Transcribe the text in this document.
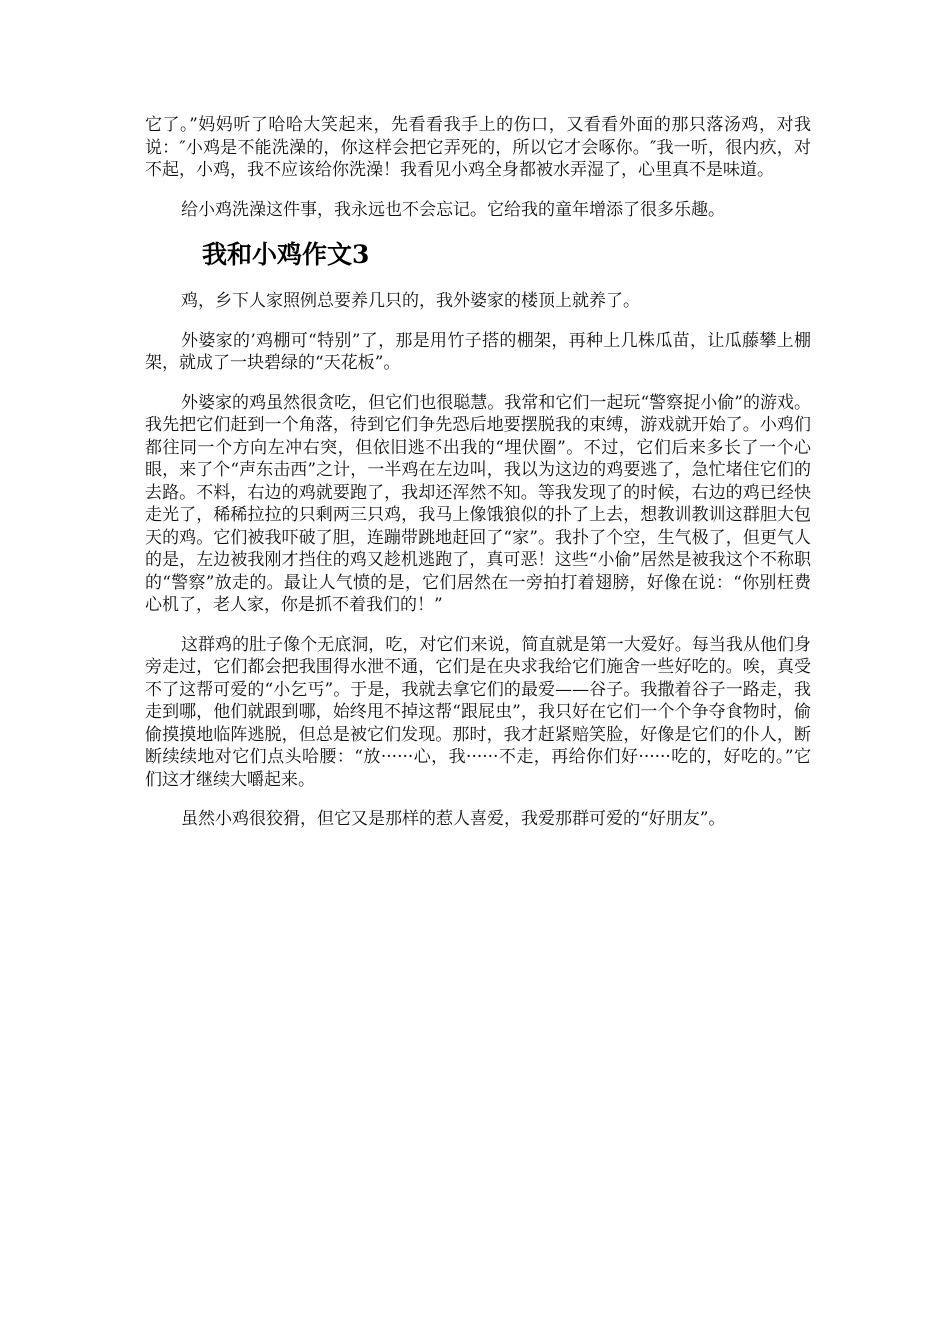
它了。”妈妈听了哈哈大笑起来，先看看我手上的伤口，又看看外面的那只落汤鸡，对我说：″小鸡是不能洗澡的，你这样会把它弄死的，所以它才会啄你。″我一听，很内疚，对不起，小鸡，我不应该给你洗澡！我看见小鸡全身都被水弄湿了，心里真不是味道。

给小鸡洗澡这件事，我永远也不会忘记。它给我的童年增添了很多乐趣。

我和小鸡作文3

鸡，乡下人家照例总要养几只的，我外婆家的楼顶上就养了。

外婆家的’鸡棚可“特别”了，那是用竹子搭的棚架，再种上几株瓜苗，让瓜藤攀上棚架，就成了一块碧绿的“天花板”。

外婆家的鸡虽然很贪吃，但它们也很聪慧。我常和它们一起玩“警察捉小偷”的游戏。我先把它们赶到一个角落，待到它们争先恐后地要摆脱我的束缚，游戏就开始了。小鸡们都往同一个方向左冲右突，但依旧逃不出我的“埋伏圈”。不过，它们后来多长了一个心眼，来了个“声东击西”之计，一半鸡在左边叫，我以为这边的鸡要逃了，急忙堵住它们的去路。不料，右边的鸡就要跑了，我却还浑然不知。等我发现了的时候，右边的鸡已经快走光了，稀稀拉拉的只剩两三只鸡，我马上像饿狼似的扑了上去，想教训教训这群胆大包天的鸡。它们被我吓破了胆，连蹦带跳地赶回了“家”。我扑了个空，生气极了，但更气人的是，左边被我刚才挡住的鸡又趁机逃跑了，真可恶！这些“小偷”居然是被我这个不称职的“警察”放走的。最让人气愤的是，它们居然在一旁拍打着翅膀，好像在说：“你别枉费心机了，老人家，你是抓不着我们的！”

这群鸡的肚子像个无底洞，吃，对它们来说，简直就是第一大爱好。每当我从他们身旁走过，它们都会把我围得水泄不通，它们是在央求我给它们施舍一些好吃的。唉，真受不了这帮可爱的“小乞丐”。于是，我就去拿它们的最爱——谷子。我撒着谷子一路走，我走到哪，他们就跟到哪，始终甩不掉这帮“跟屁虫”，我只好在它们一个个争夺食物时，偷偷摸摸地临阵逃脱，但总是被它们发现。那时，我才赶紧赔笑脸，好像是它们的仆人，断断续续地对它们点头哈腰：“放······心，我······不走，再给你们好······吃的，好吃的。”它们这才继续大嚼起来。

虽然小鸡很狡猾，但它又是那样的惹人喜爱，我爱那群可爱的“好朋友”。
